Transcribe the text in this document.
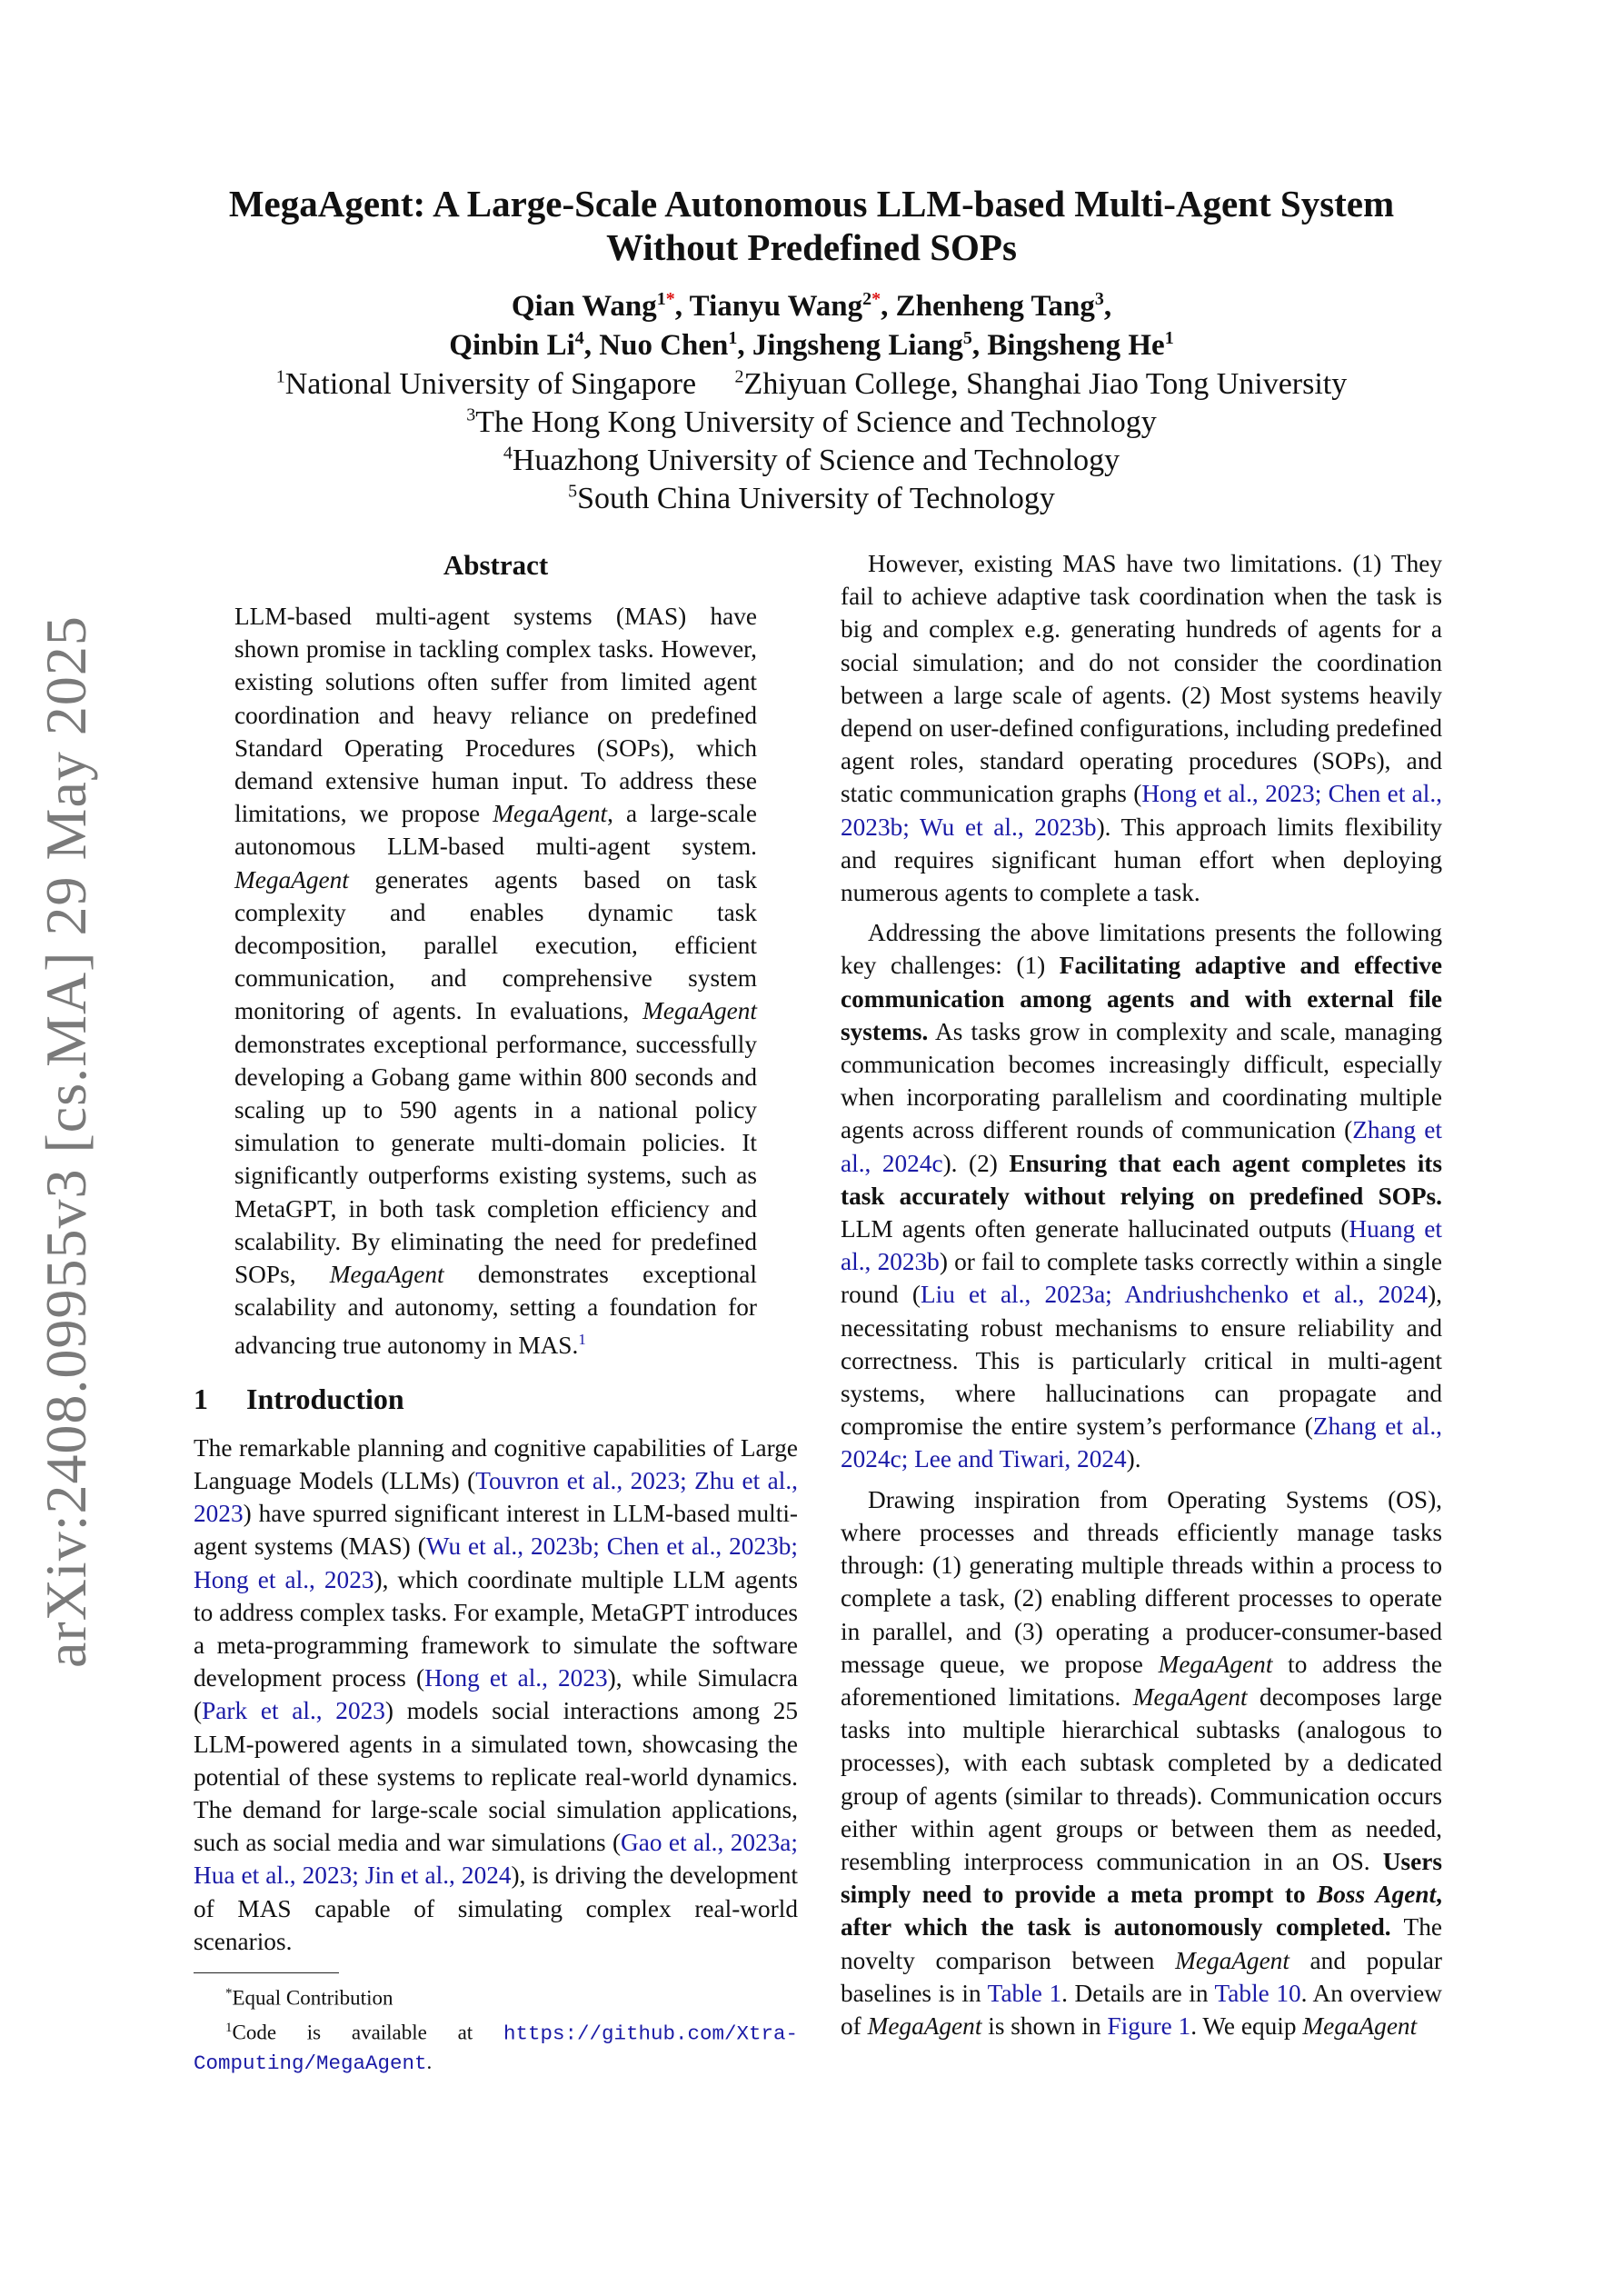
arXiv:2408.09955v3 [cs.MA] 29 May 2025
MegaAgent: A Large-Scale Autonomous LLM-based Multi-Agent System
Without Predefined SOPs
Qian Wang$^{1*}$, Tianyu Wang$^{2*}$, Zhenheng Tang$^3$,
Qinbin Li$^4$, Nuo Chen$^1$, Jingsheng Liang$^5$, Bingsheng He$^1$
$^1$National University of Singapore $^2$Zhiyuan College, Shanghai Jiao Tong University
$^3$The Hong Kong University of Science and Technology
$^4$Huazhong University of Science and Technology
$^5$South China University of Technology
Abstract

LLM-based multi-agent systems (MAS) have shown promise in tackling complex tasks. However, existing solutions often suffer from limited agent coordination and heavy reliance on predefined Standard Operating Procedures (SOPs), which demand extensive human input. To address these limitations, we propose MegaAgent, a large-scale autonomous LLM-based multi-agent system. MegaAgent generates agents based on task complexity and enables dynamic task decomposition, parallel execution, efficient communication, and comprehensive system monitoring of agents. In evaluations, MegaAgent demonstrates exceptional performance, successfully developing a Gobang game within 800 seconds and scaling up to 590 agents in a national policy simulation to generate multi-domain policies. It significantly outperforms existing systems, such as MetaGPT, in both task completion efficiency and scalability. By eliminating the need for predefined SOPs, MegaAgent demonstrates exceptional scalability and autonomy, setting a foundation for advancing true autonomy in MAS.$^1$

1 Introduction

The remarkable planning and cognitive capabilities of Large Language Models (LLMs) (Touvron et al., 2023; Zhu et al., 2023) have spurred significant interest in LLM-based multi-agent systems (MAS) (Wu et al., 2023b; Chen et al., 2023b; Hong et al., 2023), which coordinate multiple LLM agents to address complex tasks. For example, MetaGPT introduces a meta-programming framework to simulate the software development process (Hong et al., 2023), while Simulacra (Park et al., 2023) models social interactions among 25 LLM-powered agents in a simulated town, showcasing the potential of these systems to replicate real-world dynamics. The demand for large-scale social simulation applications, such as social media and war simulations (Gao et al., 2023a; Hua et al., 2023; Jin et al., 2024), is driving the development of MAS capable of simulating complex real-world scenarios.

*Equal Contribution

$^1$Code is available at https://github.com/Xtra-Computing/MegaAgent.

However, existing MAS have two limitations. (1) They fail to achieve adaptive task coordination when the task is big and complex e.g. generating hundreds of agents for a social simulation; and do not consider the coordination between a large scale of agents. (2) Most systems heavily depend on user-defined configurations, including predefined agent roles, standard operating procedures (SOPs), and static communication graphs (Hong et al., 2023; Chen et al., 2023b; Wu et al., 2023b). This approach limits flexibility and requires significant human effort when deploying numerous agents to complete a task.

Addressing the above limitations presents the following key challenges: (1) Facilitating adaptive and effective communication among agents and with external file systems. As tasks grow in complexity and scale, managing communication becomes increasingly difficult, especially when incorporating parallelism and coordinating multiple agents across different rounds of communication (Zhang et al., 2024c). (2) Ensuring that each agent completes its task accurately without relying on predefined SOPs. LLM agents often generate hallucinated outputs (Huang et al., 2023b) or fail to complete tasks correctly within a single round (Liu et al., 2023a; Andriushchenko et al., 2024), necessitating robust mechanisms to ensure reliability and correctness. This is particularly critical in multi-agent systems, where hallucinations can propagate and compromise the entire system’s performance (Zhang et al., 2024c; Lee and Tiwari, 2024).

Drawing inspiration from Operating Systems (OS), where processes and threads efficiently manage tasks through: (1) generating multiple threads within a process to complete a task, (2) enabling different processes to operate in parallel, and (3) operating a producer-consumer-based message queue, we propose MegaAgent to address the aforementioned limitations. MegaAgent decomposes large tasks into multiple hierarchical subtasks (analogous to processes), with each subtask completed by a dedicated group of agents (similar to threads). Communication occurs either within agent groups or between them as needed, resembling interprocess communication in an OS. Users simply need to provide a meta prompt to Boss Agent, after which the task is autonomously completed. The novelty comparison between MegaAgent and popular baselines is in Table 1. Details are in Table 10. An overview of MegaAgent is shown in Figure 1. We equip MegaAgent
